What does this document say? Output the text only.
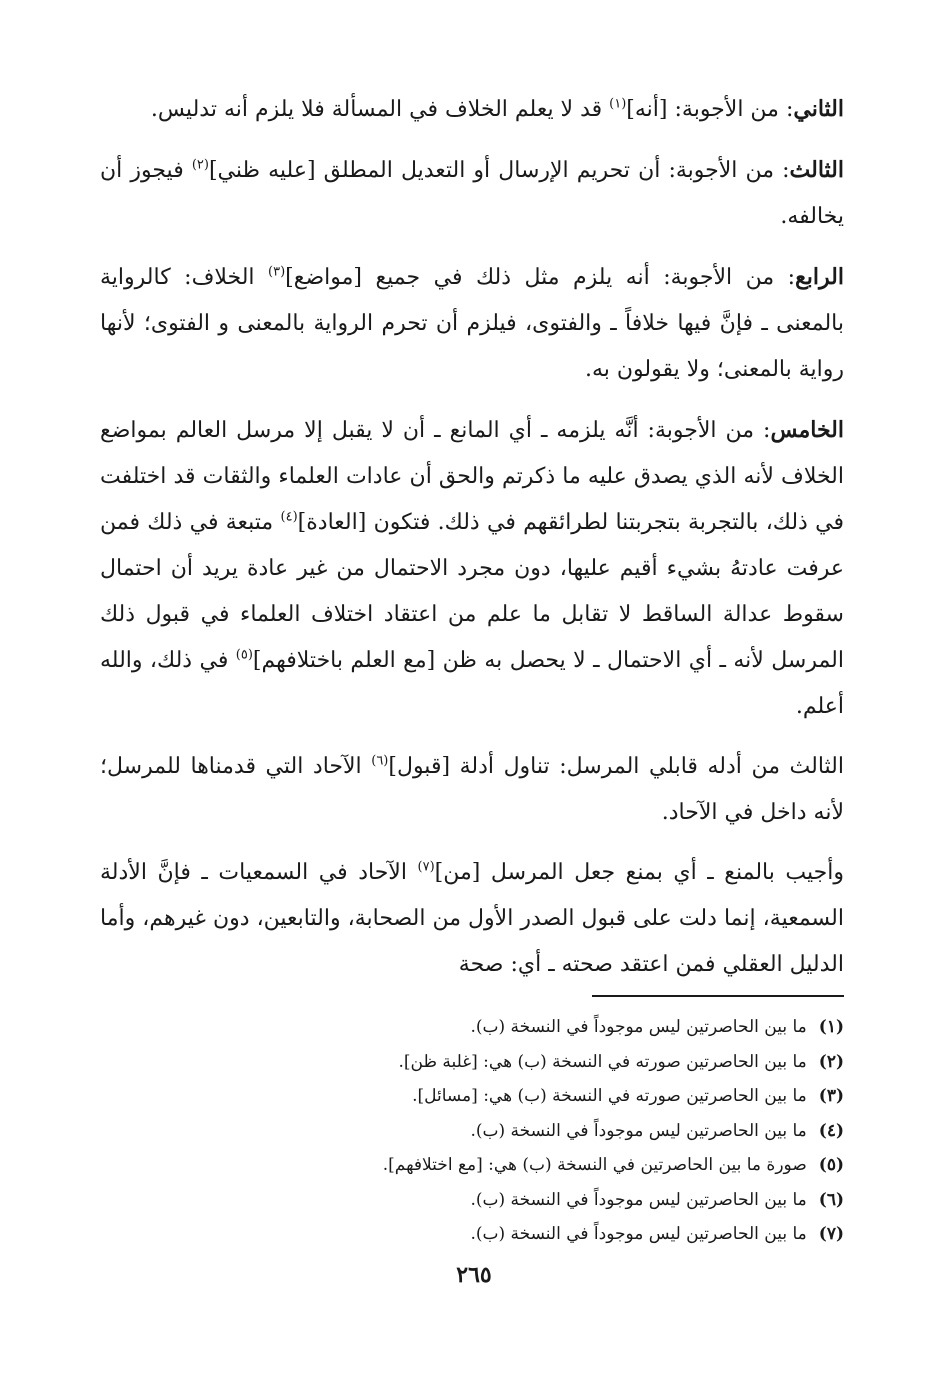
الثاني: من الأجوبة: [أنه]$^{(١)}$ قد لا يعلم الخلاف في المسألة فلا يلزم أنه تدليس.

الثالث: من الأجوبة: أن تحريم الإرسال أو التعديل المطلق [عليه ظني]$^{(٢)}$ فيجوز أن يخالفه.

الرابع: من الأجوبة: أنه يلزم مثل ذلك في جميع [مواضع]$^{(٣)}$ الخلاف: كالرواية بالمعنى ـ فإنَّ فيها خلافاً ـ والفتوى، فيلزم أن تحرم الرواية بالمعنى و الفتوى؛ لأنها رواية بالمعنى؛ ولا يقولون به.

الخامس: من الأجوبة: أنَّه يلزمه ـ أي المانع ـ أن لا يقبل إلا مرسل العالم بمواضع الخلاف لأنه الذي يصدق عليه ما ذكرتم والحق أن عادات العلماء والثقات قد اختلفت في ذلك، بالتجربة بتجربتنا لطرائقهم في ذلك. فتكون [العادة]$^{(٤)}$ متبعة في ذلك فمن عرفت عادتهُ بشيء أقيم عليها، دون مجرد الاحتمال من غير عادة يريد أن احتمال سقوط عدالة الساقط لا تقابل ما علم من اعتقاد اختلاف العلماء في قبول ذلك المرسل لأنه ـ أي الاحتمال ـ لا يحصل به ظن [مع العلم باختلافهم]$^{(٥)}$ في ذلك، والله أعلم.

الثالث من أدله قابلي المرسل: تناول أدلة [قبول]$^{(٦)}$ الآحاد التي قدمناها للمرسل؛ لأنه داخل في الآحاد.

وأجيب بالمنع ـ أي بمنع جعل المرسل [من]$^{(٧)}$ الآحاد في السمعيات ـ فإنَّ الأدلة السمعية، إنما دلت على قبول الصدر الأول من الصحابة، والتابعين، دون غيرهم، وأما الدليل العقلي فمن اعتقد صحته ـ أي: صحة

(١)ما بين الحاصرتين ليس موجوداً في النسخة (ب).
(٢)ما بين الحاصرتين صورته في النسخة (ب) هي: [غلبة ظن].
(٣)ما بين الحاصرتين صورته في النسخة (ب) هي: [مسائل].
(٤)ما بين الحاصرتين ليس موجوداً في النسخة (ب).
(٥)صورة ما بين الحاصرتين في النسخة (ب) هي: [مع اختلافهم].
(٦)ما بين الحاصرتين ليس موجوداً في النسخة (ب).
(٧)ما بين الحاصرتين ليس موجوداً في النسخة (ب).
٢٦٥
